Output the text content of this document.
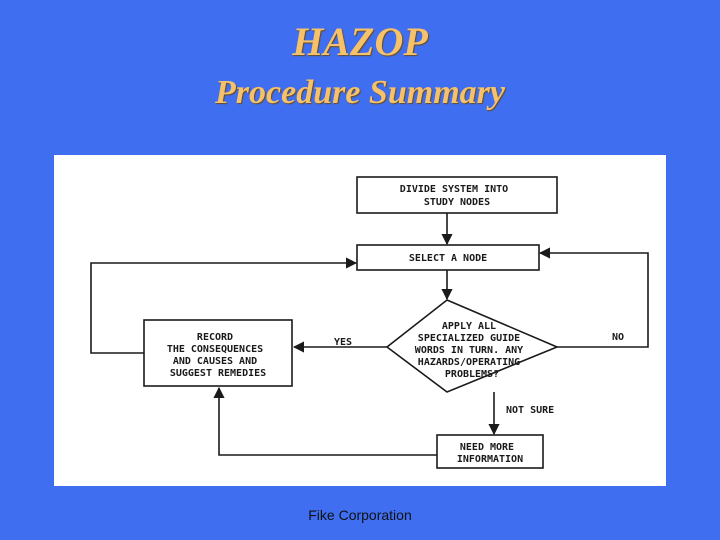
HAZOP
Procedure Summary
DIVIDE SYSTEM INTO STUDY NODES
SELECT A NODE
APPLY ALL SPECIALIZED GUIDE WORDS IN TURN. ANY HAZARDS/OPERATING PROBLEMS?
RECORD THE CONSEQUENCES AND CAUSES AND SUGGEST REMEDIES
NEED MORE INFORMATION
YES	NO
NOT SURE
Fike Corporation
